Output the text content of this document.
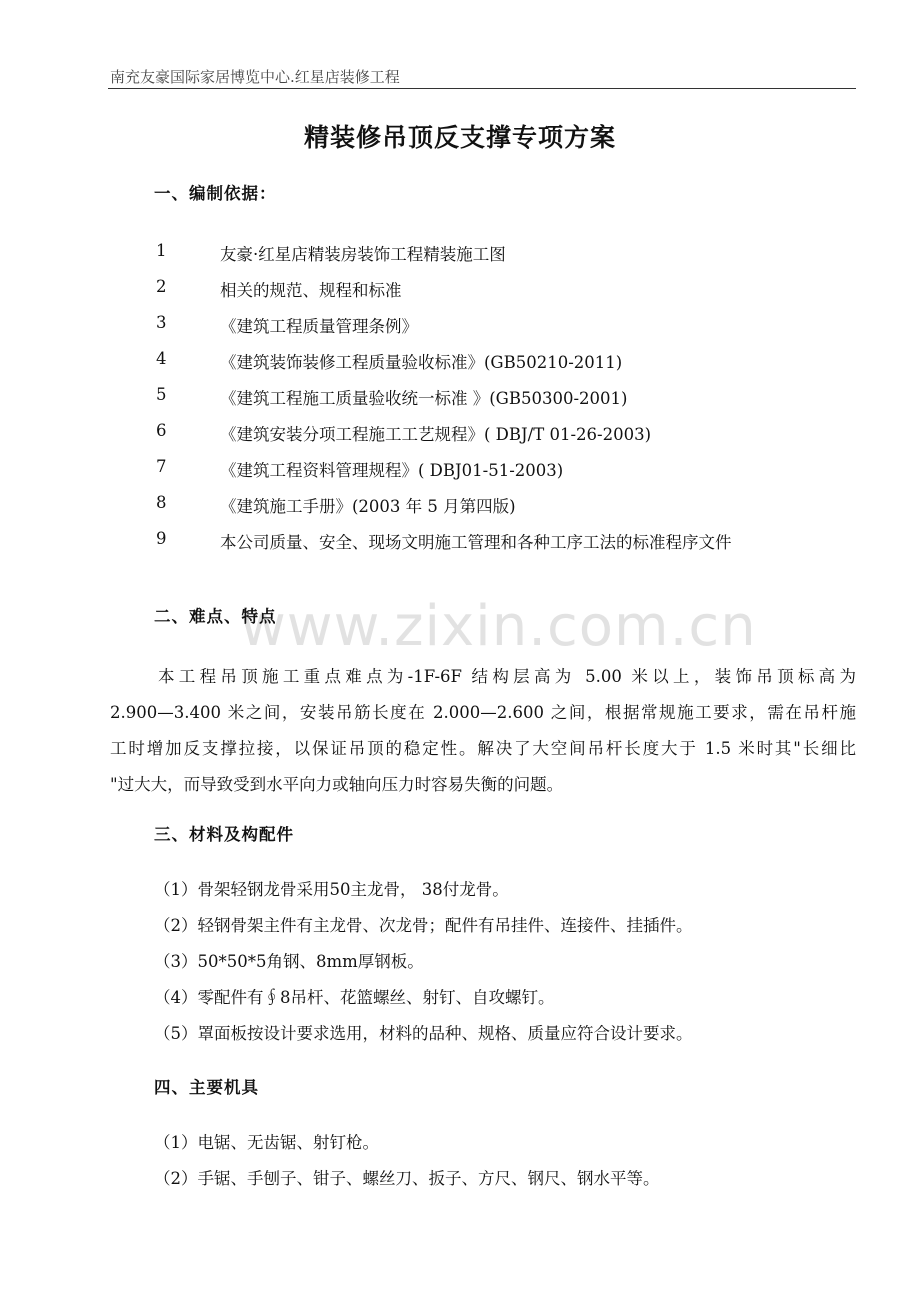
南充友豪国际家居博览中心.红星店装修工程
精装修吊顶反支撑专项方案
www.zixin.com.cn
一、编制依据：
1	友豪·红星店精装房装饰工程精装施工图
2	相关的规范、规程和标准
3	《建筑工程质量管理条例》
4	《建筑装饰装修工程质量验收标准》(GB50210-2011)
5	《建筑工程施工质量验收统一标准 》(GB50300-2001)
6	《建筑安装分项工程施工工艺规程》( DBJ/T 01-26-2003)
7	《建筑工程资料管理规程》( DBJ01-51-2003)
8	《建筑施工手册》(2003 年 5 月第四版)
9	本公司质量、安全、现场文明施工管理和各种工序工法的标准程序文件
二、难点、特点
本工程吊顶施工重点难点为-1F-6F 结构层高为 5.00 米以上，装饰吊顶标高为
2.900—3.400 米之间，安装吊筋长度在 2.000—2.600 之间，根据常规施工要求，需在吊杆施
工时增加反支撑拉接，以保证吊顶的稳定性。解决了大空间吊杆长度大于 1.5 米时其"长细比
"过大大，而导致受到水平向力或轴向压力时容易失衡的问题。
三、材料及构配件
（1）骨架轻钢龙骨采用50主龙骨， 38付龙骨。
（2）轻钢骨架主件有主龙骨、次龙骨；配件有吊挂件、连接件、挂插件。
（3）50*50*5角钢、8mm厚钢板。
（4）零配件有∮8吊杆、花篮螺丝、射钉、自攻螺钉。
（5）罩面板按设计要求选用，材料的品种、规格、质量应符合设计要求。
四、主要机具
（1）电锯、无齿锯、射钉枪。
（2）手锯、手刨子、钳子、螺丝刀、扳子、方尺、钢尺、钢水平等。
